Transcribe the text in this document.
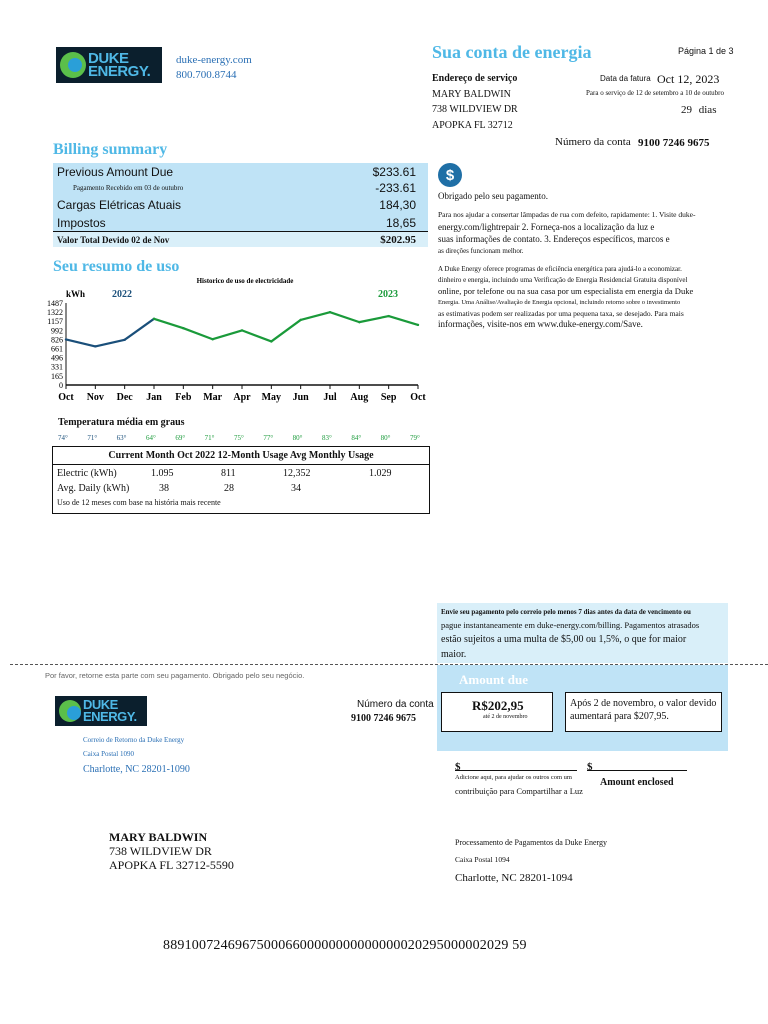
DUKE
ENERGY.
duke-energy.com
800.700.8744
Sua conta de energia	Página 1 de 3
Endereço de serviço
MARY BALDWIN
738 WILDVIEW DR
APOPKA FL 32712
Data da fatura Oct 12, 2023
Para o serviço de 12 de setembro a 10 de outubro
29 dias
Número da conta 9100 7246 9675
Billing summary
Previous Amount Due	$233.61
Pagamento Recebido em 03 de outubro	-233.61
Cargas Elétricas Atuais	184,30
Impostos	18,65
Valor Total Devido 02 de Nov	$202.95
$
Obrigado pelo seu pagamento.
Para nos ajudar a consertar lâmpadas de rua com defeito, rapidamente: 1. Visite duke-
energy.com/lightrepair 2. Forneça-nos a localização da luz e
suas informações de contato. 3. Endereços específicos, marcos e
as direções funcionam melhor.
A Duke Energy oferece programas de eficiência energética para ajudá-lo a economizar.
dinheiro e energia, incluindo uma Verificação de Energia Residencial Gratuita disponível
online, por telefone ou na sua casa por um especialista em energia da Duke
Energia. Uma Análise/Avaliação de Energia opcional, incluindo retorno sobre o investimento
as estimativas podem ser realizadas por uma pequena taxa, se desejado. Para mais
informações, visite-nos em www.duke-energy.com/Save.
Seu resumo de uso
Historico de uso de electricidade
kWh	2022	2023
0
165
331
496
661
826
992
1157
1322
1487
Oct Nov Dec Jan Feb Mar Apr May Jun Jul Aug Sep Oct
Temperatura média em graus
74°	71°	63°	64°	69°	71°	75°	77°	80°	83°	84°	80°	79°
Current Month Oct 2022 12-Month Usage Avg Monthly Usage
Electric (kWh)	1.095	811	12,352	1.029
Avg. Daily (kWh)	38	28	34
Uso de 12 meses com base na história mais recente
Envie seu pagamento pelo correio pelo menos 7 dias antes da data de vencimento ou
pague instantaneamente em duke-energy.com/billing. Pagamentos atrasados
estão sujeitos a uma multa de $5,00 ou 1,5%, o que for maior
maior.
Por favor, retorne esta parte com seu pagamento. Obrigado pelo seu negócio.
DUKE
ENERGY.
Correio de Retorno da Duke Energy
Caixa Postal 1090
Charlotte, NC 28201-1090
Número da conta
9100 7246 9675
Amount due
R$202,95
até 2 de novembro
Após 2 de novembro, o valor devido
aumentará para $207,95.
$	$
Adicione aqui, para ajudar os outros com um
contribuição para Compartilhar a Luz
Amount enclosed
MARY BALDWIN
738 WILDVIEW DR
APOPKA FL 32712-5590
Processamento de Pagamentos da Duke Energy
Caixa Postal 1094
Charlotte, NC 28201-1094
889100724696750006600000000000000020295000002029 59
